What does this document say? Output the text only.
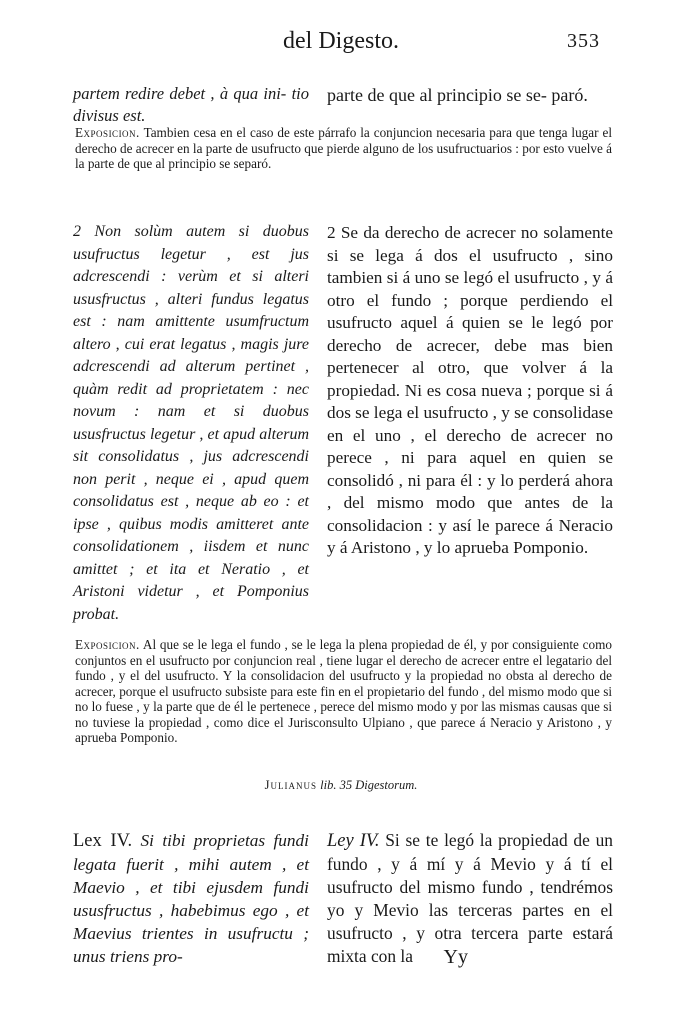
del Digesto.	353

partem redire debet , à qua ini- tio divisus est.

parte de que al principio se se- paró.

Exposicion. Tambien cesa en el caso de este párrafo la conjuncion necesaria para que tenga lugar el derecho de acrecer en la parte de usufructo que pierde alguno de los usufructuarios : por esto vuelve á la parte de que al principio se separó.

2 Non solùm autem si duobus usufructus legetur , est jus adcrescendi : verùm et si alteri ususfructus , alteri fundus legatus est : nam amittente usumfructum altero , cui erat legatus , magis jure adcrescendi ad alterum pertinet , quàm redit ad proprietatem : nec novum : nam et si duobus ususfructus legetur , et apud alterum sit consolidatus , jus adcrescendi non perit , neque ei , apud quem consolidatus est , neque ab eo : et ipse , quibus modis amitteret ante consolidationem , iisdem et nunc amittet ; et ita et Neratio , et Aristoni videtur , et Pomponius probat.

2 Se da derecho de acrecer no solamente si se lega á dos el usufructo , sino tambien si á uno se legó el usufructo , y á otro el fundo ; porque perdiendo el usufructo aquel á quien se le legó por derecho de acrecer, debe mas bien pertenecer al otro, que volver á la propiedad. Ni es cosa nueva ; porque si á dos se lega el usufructo , y se consolidase en el uno , el derecho de acrecer no perece , ni para aquel en quien se consolidó , ni para él : y lo perderá ahora , del mismo modo que antes de la consolidacion : y así le parece á Neracio y á Aristono , y lo aprueba Pomponio.

Exposicion. Al que se le lega el fundo , se le lega la plena propiedad de él, y por consiguiente como conjuntos en el usufructo por conjuncion real , tiene lugar el derecho de acrecer entre el legatario del fundo , y el del usufructo. Y la consolidacion del usufructo y la propiedad no obsta al derecho de acrecer, porque el usufructo subsiste para este fin en el propietario del fundo , del mismo modo que si no lo fuese , y la parte que de él le pertenece , perece del mismo modo y por las mismas causas que si no tuviese la propiedad , como dice el Jurisconsulto Ulpiano , que parece á Neracio y Aristono , y aprueba Pomponio.
Julianus lib. 35 Digestorum.

Lex IV. Si tibi proprietas fundi legata fuerit , mihi autem , et Maevio , et tibi ejusdem fundi ususfructus , habebimus ego , et Maevius trientes in usufructu ; unus triens pro-

Ley IV. Si se te legó la propiedad de un fundo , y á mí y á Mevio y á tí el usufructo del mismo fundo , tendrémos yo y Mevio las terceras partes en el usufructo , y otra tercera parte estará mixta con la	Yy
